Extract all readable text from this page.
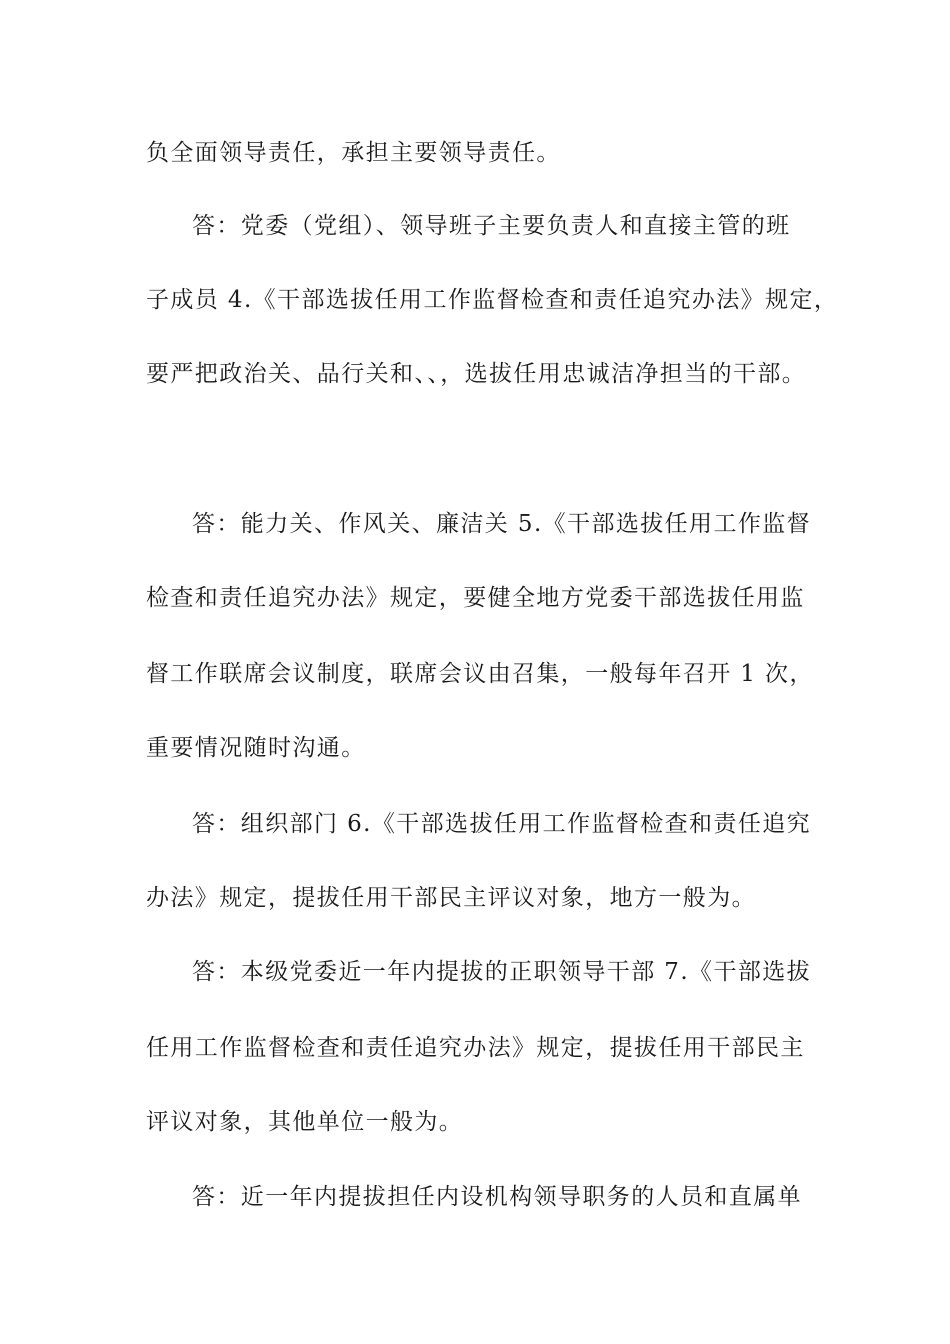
负全面领导责任，承担主要领导责任。
答：党委（党组）、领导班子主要负责人和直接主管的班
子成员 4.《干部选拔任用工作监督检查和责任追究办法》规定，
要严把政治关、品行关和、、，选拔任用忠诚洁净担当的干部。
答：能力关、作风关、廉洁关 5.《干部选拔任用工作监督
检查和责任追究办法》规定，要健全地方党委干部选拔任用监
督工作联席会议制度，联席会议由召集，一般每年召开 1 次，
重要情况随时沟通。
答：组织部门 6.《干部选拔任用工作监督检查和责任追究
办法》规定，提拔任用干部民主评议对象，地方一般为。
答：本级党委近一年内提拔的正职领导干部 7.《干部选拔
任用工作监督检查和责任追究办法》规定，提拔任用干部民主
评议对象，其他单位一般为。
答：近一年内提拔担任内设机构领导职务的人员和直属单
